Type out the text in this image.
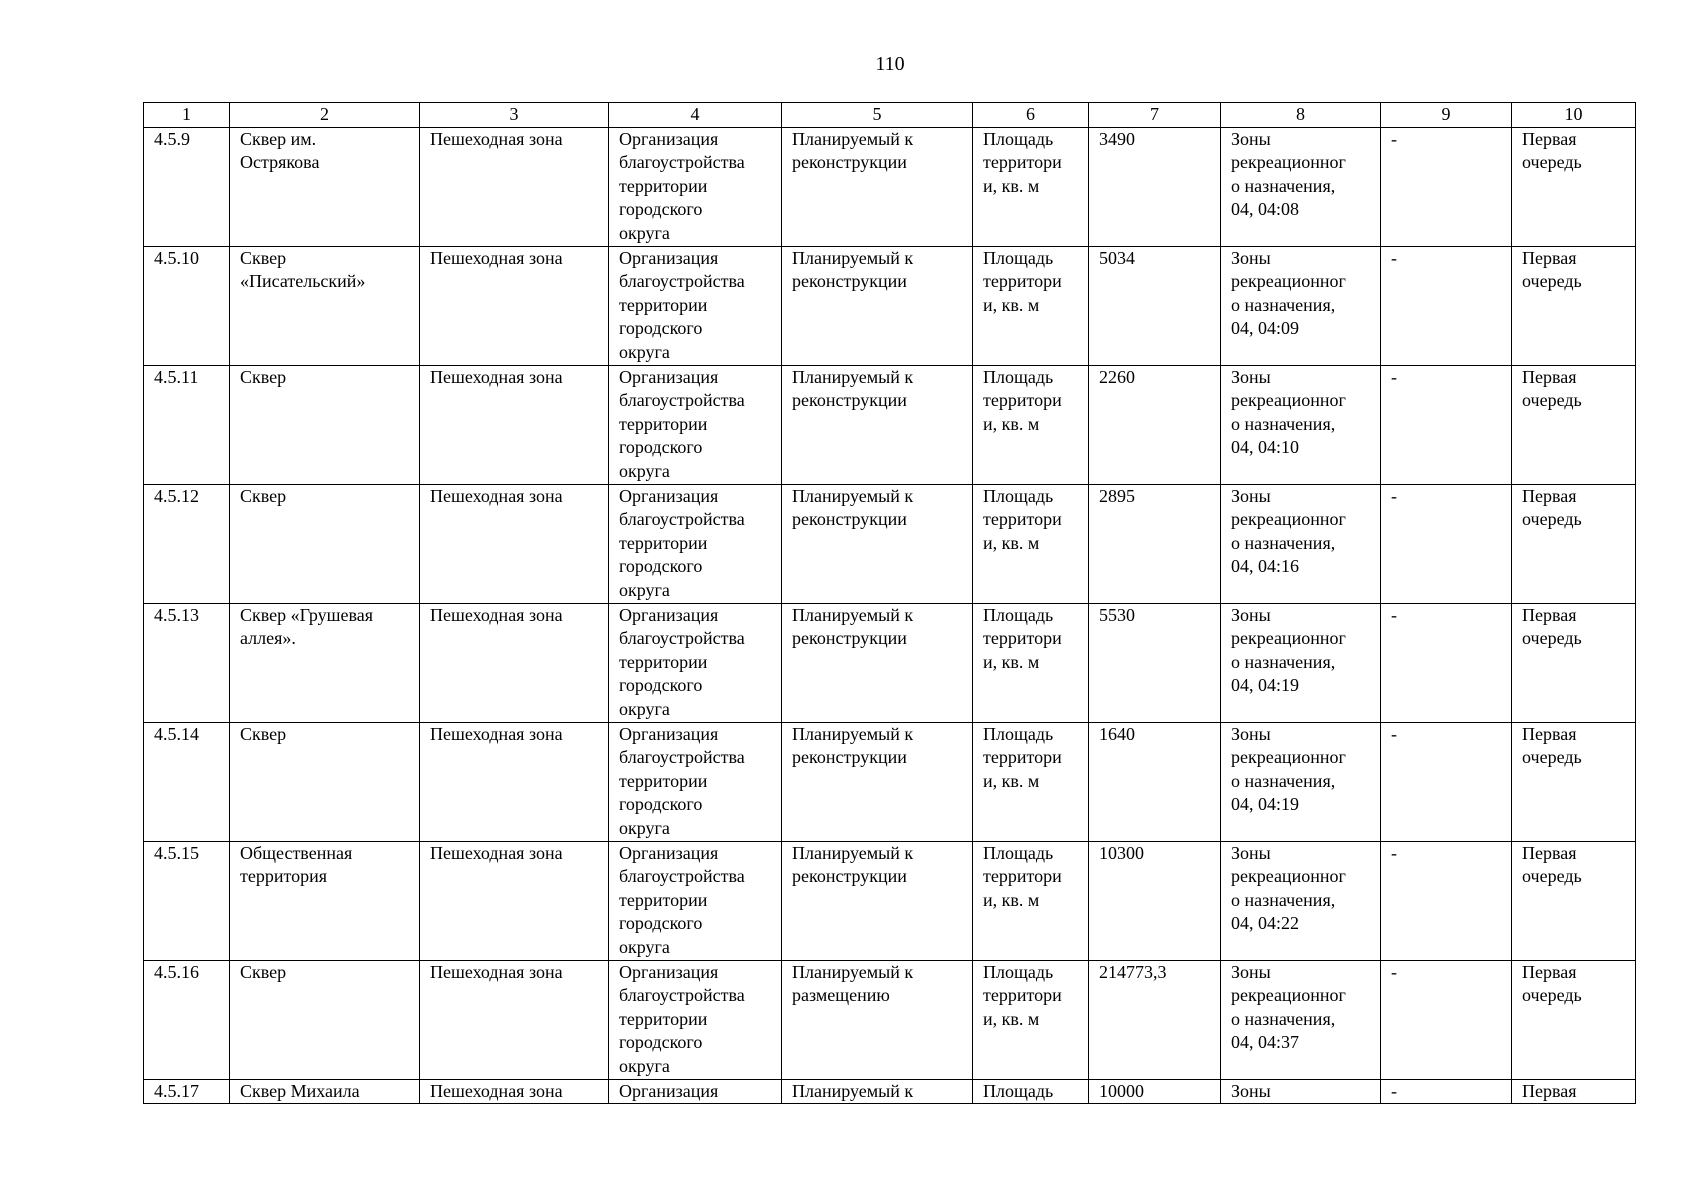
110
1	2	3	4	5	6	7	8	9	10
4.5.9	Сквер им.
Острякова	Пешеходная зона	Организация
благоустройства
территории
городского
округа	Планируемый к
реконструкции	Площадь
территори
и, кв. м	3490	Зоны
рекреационног
о назначения,
04, 04:08	-	Первая
очередь
4.5.10	Сквер
«Писательский»	Пешеходная зона	Организация
благоустройства
территории
городского
округа	Планируемый к
реконструкции	Площадь
территори
и, кв. м	5034	Зоны
рекреационног
о назначения,
04, 04:09	-	Первая
очередь
4.5.11	Сквер	Пешеходная зона	Организация
благоустройства
территории
городского
округа	Планируемый к
реконструкции	Площадь
территори
и, кв. м	2260	Зоны
рекреационног
о назначения,
04, 04:10	-	Первая
очередь
4.5.12	Сквер	Пешеходная зона	Организация
благоустройства
территории
городского
округа	Планируемый к
реконструкции	Площадь
территори
и, кв. м	2895	Зоны
рекреационног
о назначения,
04, 04:16	-	Первая
очередь
4.5.13	Сквер «Грушевая
аллея».	Пешеходная зона	Организация
благоустройства
территории
городского
округа	Планируемый к
реконструкции	Площадь
территори
и, кв. м	5530	Зоны
рекреационног
о назначения,
04, 04:19	-	Первая
очередь
4.5.14	Сквер	Пешеходная зона	Организация
благоустройства
территории
городского
округа	Планируемый к
реконструкции	Площадь
территори
и, кв. м	1640	Зоны
рекреационног
о назначения,
04, 04:19	-	Первая
очередь
4.5.15	Общественная
территория	Пешеходная зона	Организация
благоустройства
территории
городского
округа	Планируемый к
реконструкции	Площадь
территори
и, кв. м	10300	Зоны
рекреационног
о назначения,
04, 04:22	-	Первая
очередь
4.5.16	Сквер	Пешеходная зона	Организация
благоустройства
территории
городского
округа	Планируемый к
размещению	Площадь
территори
и, кв. м	214773,3	Зоны
рекреационног
о назначения,
04, 04:37	-	Первая
очередь
4.5.17	Сквер Михаила	Пешеходная зона	Организация	Планируемый к	Площадь	10000	Зоны	-	Первая
